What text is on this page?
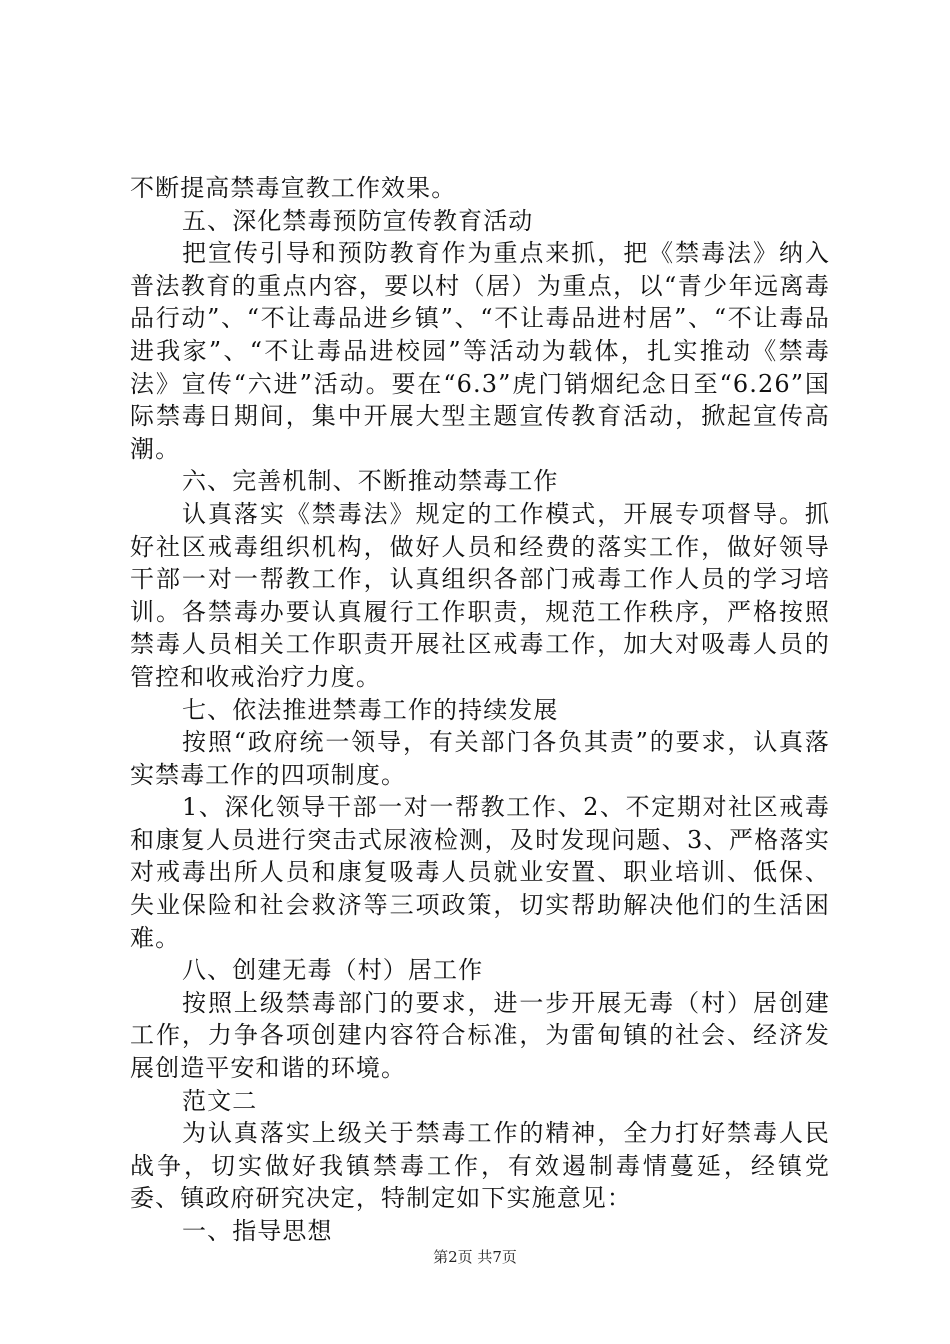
不断提高禁毒宣教工作效果。

五、深化禁毒预防宣传教育活动

把宣传引导和预防教育作为重点来抓，把《禁毒法》纳入普法教育的重点内容，要以村（居）为重点，以“青少年远离毒品行动”、“不让毒品进乡镇”、“不让毒品进村居”、“不让毒品进我家”、“不让毒品进校园”等活动为载体，扎实推动《禁毒法》宣传“六进”活动。要在“6.3”虎门销烟纪念日至“6.26”国际禁毒日期间，集中开展大型主题宣传教育活动，掀起宣传高潮。

六、完善机制、不断推动禁毒工作

认真落实《禁毒法》规定的工作模式，开展专项督导。抓好社区戒毒组织机构，做好人员和经费的落实工作，做好领导干部一对一帮教工作，认真组织各部门戒毒工作人员的学习培训。各禁毒办要认真履行工作职责，规范工作秩序，严格按照禁毒人员相关工作职责开展社区戒毒工作，加大对吸毒人员的管控和收戒治疗力度。

七、依法推进禁毒工作的持续发展

按照“政府统一领导，有关部门各负其责”的要求，认真落实禁毒工作的四项制度。

1、深化领导干部一对一帮教工作、2、不定期对社区戒毒和康复人员进行突击式尿液检测，及时发现问题、3、严格落实对戒毒出所人员和康复吸毒人员就业安置、职业培训、低保、失业保险和社会救济等三项政策，切实帮助解决他们的生活困难。

八、创建无毒（村）居工作

按照上级禁毒部门的要求，进一步开展无毒（村）居创建工作，力争各项创建内容符合标准，为雷甸镇的社会、经济发展创造平安和谐的环境。

范文二

为认真落实上级关于禁毒工作的精神，全力打好禁毒人民战争，切实做好我镇禁毒工作，有效遏制毒情蔓延，经镇党委、镇政府研究决定，特制定如下实施意见：

一、指导思想

第2页 共7页
